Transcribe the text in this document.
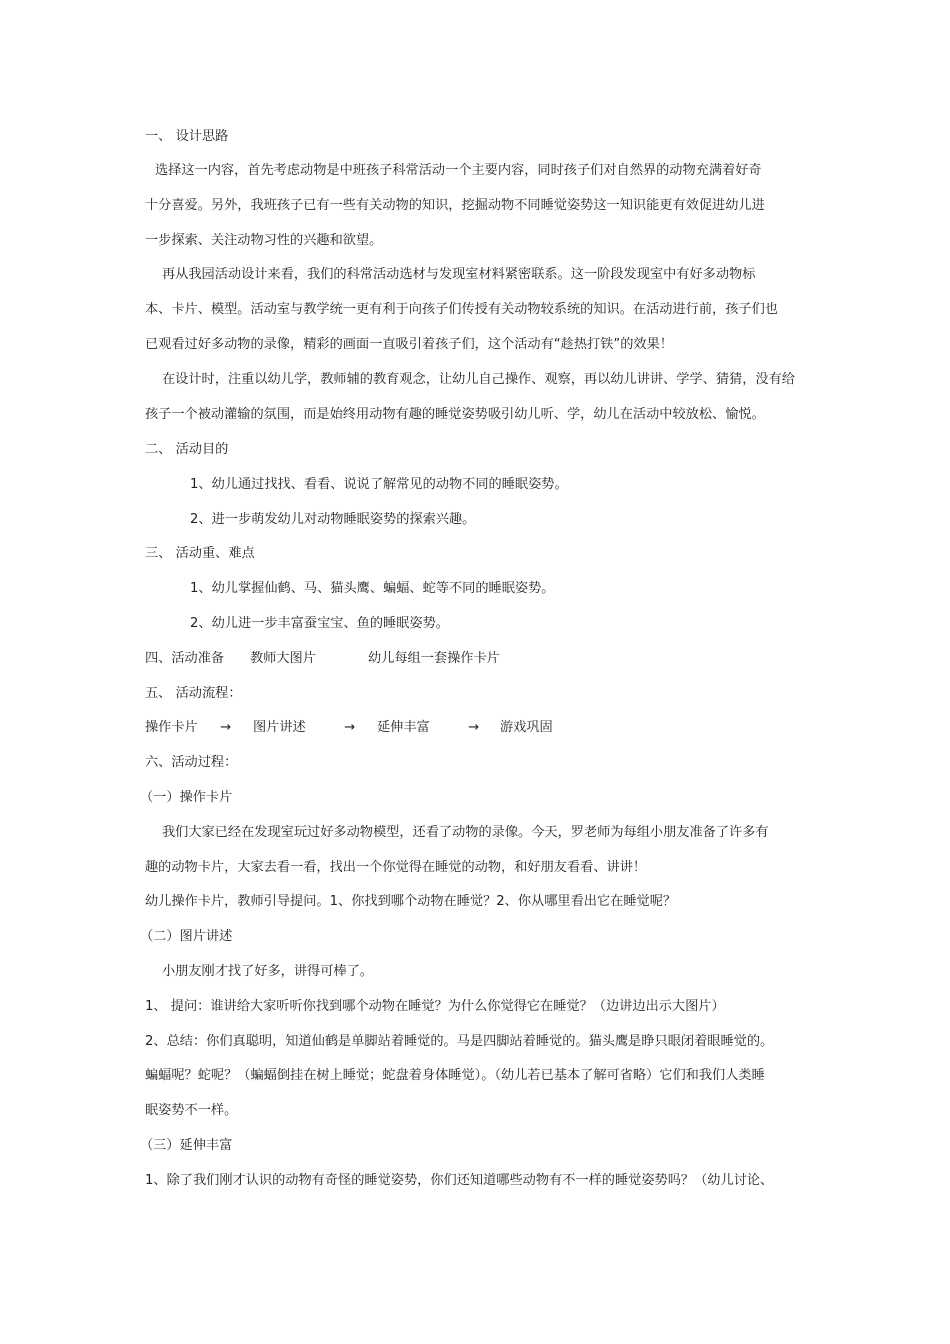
一、 设计思路
选择这一内容，首先考虑动物是中班孩子科常活动一个主要内容，同时孩子们对自然界的动物充满着好奇
十分喜爱。另外，我班孩子已有一些有关动物的知识，挖掘动物不同睡觉姿势这一知识能更有效促进幼儿进
一步探索、关注动物习性的兴趣和欲望。
再从我园活动设计来看，我们的科常活动选材与发现室材料紧密联系。这一阶段发现室中有好多动物标
本、卡片、模型。活动室与教学统一更有利于向孩子们传授有关动物较系统的知识。在活动进行前，孩子们也
已观看过好多动物的录像，精彩的画面一直吸引着孩子们，这个活动有“趁热打铁”的效果！
在设计时，注重以幼儿学，教师辅的教育观念，让幼儿自己操作、观察，再以幼儿讲讲、学学、猜猜，没有给
孩子一个被动灌输的氛围，而是始终用动物有趣的睡觉姿势吸引幼儿听、学，幼儿在活动中较放松、愉悦。
二、 活动目的
1、幼儿通过找找、看看、说说了解常见的动物不同的睡眠姿势。
2、进一步萌发幼儿对动物睡眠姿势的探索兴趣。
三、 活动重、难点
1、幼儿掌握仙鹤、马、猫头鹰、蝙蝠、蛇等不同的睡眠姿势。
2、幼儿进一步丰富蚕宝宝、鱼的睡眠姿势。
四、活动准备 教师大图片	幼儿每组一套操作卡片
五、 活动流程：
操作卡片 → 图片讲述	→ 延伸丰富	→ 游戏巩固
六、活动过程：
（一）操作卡片
我们大家已经在发现室玩过好多动物模型，还看了动物的录像。今天，罗老师为每组小朋友准备了许多有
趣的动物卡片，大家去看一看，找出一个你觉得在睡觉的动物，和好朋友看看、讲讲！
幼儿操作卡片，教师引导提问。1、你找到哪个动物在睡觉？2、你从哪里看出它在睡觉呢？
（二）图片讲述
小朋友刚才找了好多，讲得可棒了。
1、 提问：谁讲给大家听听你找到哪个动物在睡觉？为什么你觉得它在睡觉？（边讲边出示大图片）
2、总结：你们真聪明，知道仙鹤是单脚站着睡觉的。马是四脚站着睡觉的。猫头鹰是睁只眼闭着眼睡觉的。
蝙蝠呢？蛇呢？（蝙蝠倒挂在树上睡觉；蛇盘着身体睡觉）。（幼儿若已基本了解可省略）它们和我们人类睡
眠姿势不一样。
（三）延伸丰富
1、除了我们刚才认识的动物有奇怪的睡觉姿势，你们还知道哪些动物有不一样的睡觉姿势吗？（幼儿讨论、
